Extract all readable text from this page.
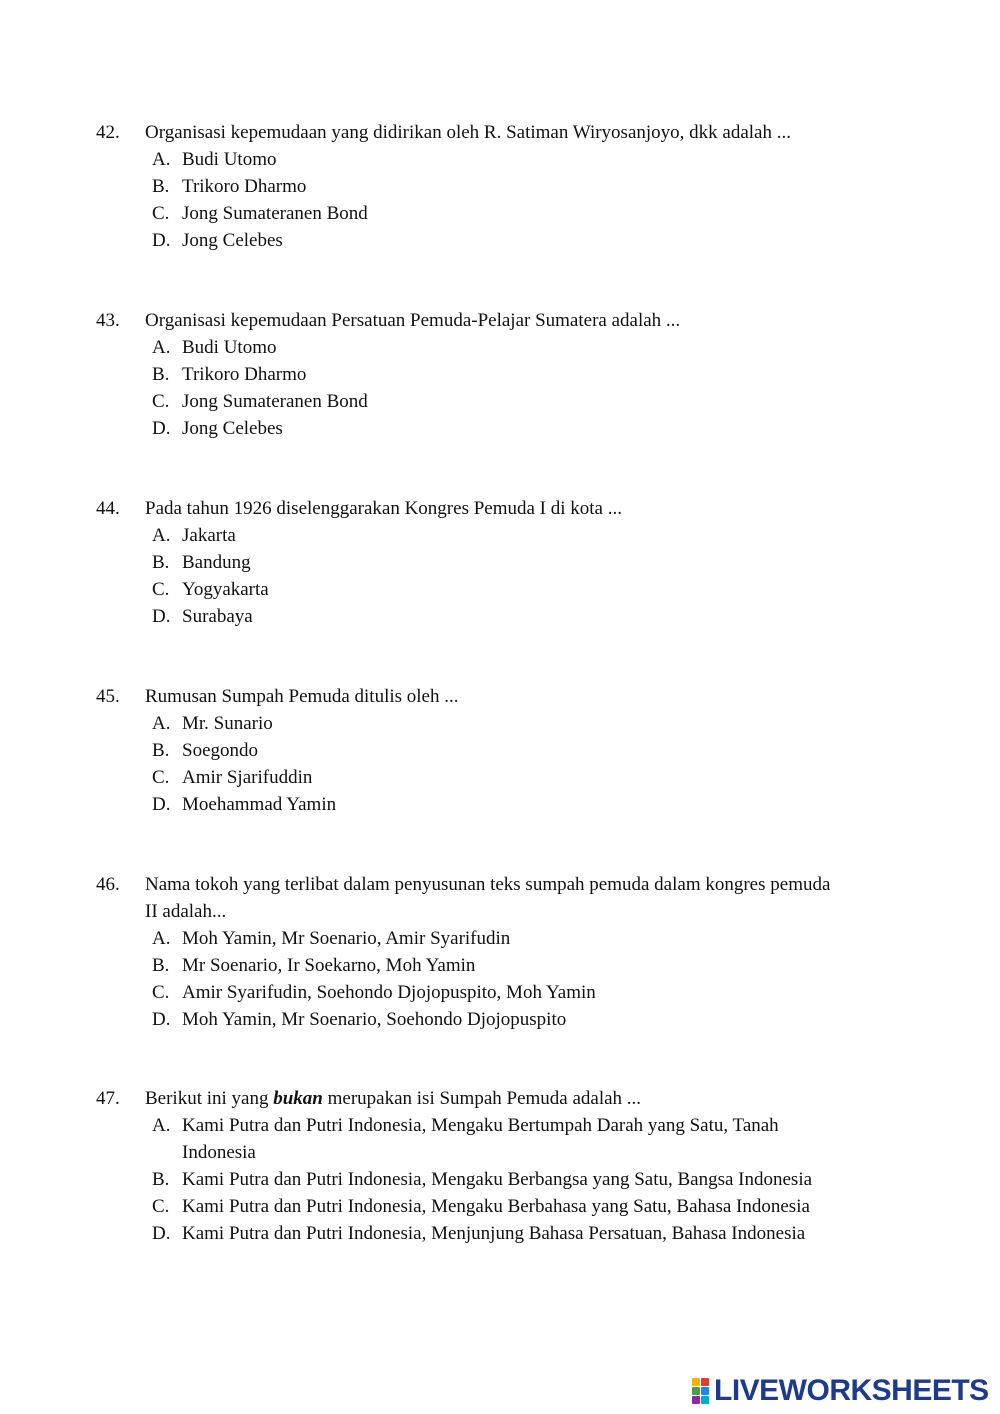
42. Organisasi kepemudaan yang didirikan oleh R. Satiman Wiryosanjoyo, dkk adalah ...
A. Budi Utomo
B. Trikoro Dharmo
C. Jong Sumateranen Bond
D. Jong Celebes
43. Organisasi kepemudaan Persatuan Pemuda-Pelajar Sumatera adalah ...
A. Budi Utomo
B. Trikoro Dharmo
C. Jong Sumateranen Bond
D. Jong Celebes
44. Pada tahun 1926 diselenggarakan Kongres Pemuda I di kota ...
A. Jakarta
B. Bandung
C. Yogyakarta
D. Surabaya
45. Rumusan Sumpah Pemuda ditulis oleh ...
A. Mr. Sunario
B. Soegondo
C. Amir Sjarifuddin
D. Moehammad Yamin
46. Nama tokoh yang terlibat dalam penyusunan teks sumpah pemuda dalam kongres pemuda
II adalah...
A. Moh Yamin, Mr Soenario, Amir Syarifudin
B. Mr Soenario, Ir Soekarno, Moh Yamin
C. Amir Syarifudin, Soehondo Djojopuspito, Moh Yamin
D. Moh Yamin, Mr Soenario, Soehondo Djojopuspito
47. Berikut ini yang bukan merupakan isi Sumpah Pemuda adalah ...
A. Kami Putra dan Putri Indonesia, Mengaku Bertumpah Darah yang Satu, Tanah
Indonesia
B. Kami Putra dan Putri Indonesia, Mengaku Berbangsa yang Satu, Bangsa Indonesia
C. Kami Putra dan Putri Indonesia, Mengaku Berbahasa yang Satu, Bahasa Indonesia
D. Kami Putra dan Putri Indonesia, Menjunjung Bahasa Persatuan, Bahasa Indonesia
LIVEWORKSHEETS
